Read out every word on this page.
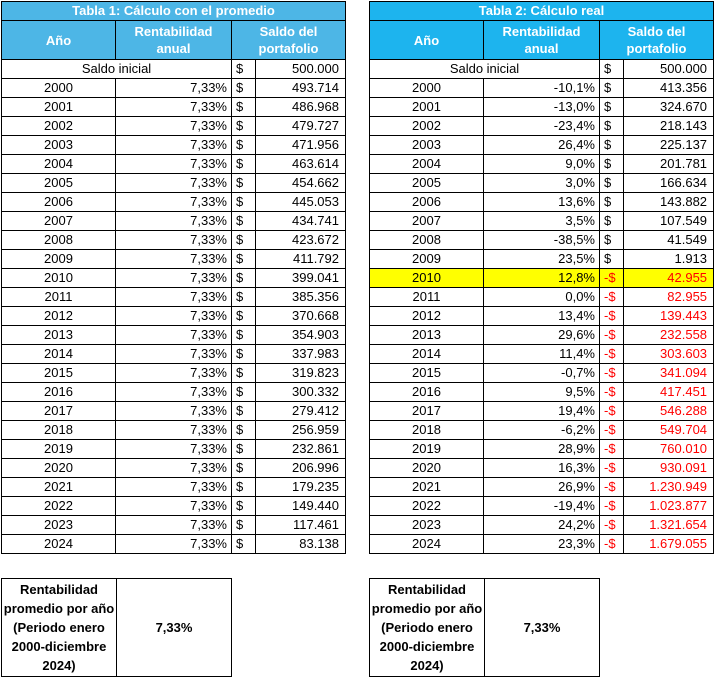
Tabla 1: Cálculo con el promedio			
Año	Rentabilidad anual	Saldo del portafolio	
Saldo inicial		$	500.000
2000	7,33%	$	493.714
2001	7,33%	$	486.968
2002	7,33%	$	479.727
2003	7,33%	$	471.956
2004	7,33%	$	463.614
2005	7,33%	$	454.662
2006	7,33%	$	445.053
2007	7,33%	$	434.741
2008	7,33%	$	423.672
2009	7,33%	$	411.792
2010	7,33%	$	399.041
2011	7,33%	$	385.356
2012	7,33%	$	370.668
2013	7,33%	$	354.903
2014	7,33%	$	337.983
2015	7,33%	$	319.823
2016	7,33%	$	300.332
2017	7,33%	$	279.412
2018	7,33%	$	256.959
2019	7,33%	$	232.861
2020	7,33%	$	206.996
2021	7,33%	$	179.235
2022	7,33%	$	149.440
2023	7,33%	$	117.461
2024	7,33%	$	83.138
Tabla 2: Cálculo real			
Año	Rentabilidad anual	Saldo del portafolio	
Saldo inicial		$	500.000
2000	-10,1%	$	413.356
2001	-13,0%	$	324.670
2002	-23,4%	$	218.143
2003	26,4%	$	225.137
2004	9,0%	$	201.781
2005	3,0%	$	166.634
2006	13,6%	$	143.882
2007	3,5%	$	107.549
2008	-38,5%	$	41.549
2009	23,5%	$	1.913
2010	12,8%	-$	42.955
2011	0,0%	-$	82.955
2012	13,4%	-$	139.443
2013	29,6%	-$	232.558
2014	11,4%	-$	303.603
2015	-0,7%	-$	341.094
2016	9,5%	-$	417.451
2017	19,4%	-$	546.288
2018	-6,2%	-$	549.704
2019	28,9%	-$	760.010
2020	16,3%	-$	930.091
2021	26,9%	-$	1.230.949
2022	-19,4%	-$	1.023.877
2023	24,2%	-$	1.321.654
2024	23,3%	-$	1.679.055
Rentabilidad promedio por año (Periodo enero 2000-diciembre 2024)	7,33%
Rentabilidad promedio por año (Periodo enero 2000-diciembre 2024)	7,33%
